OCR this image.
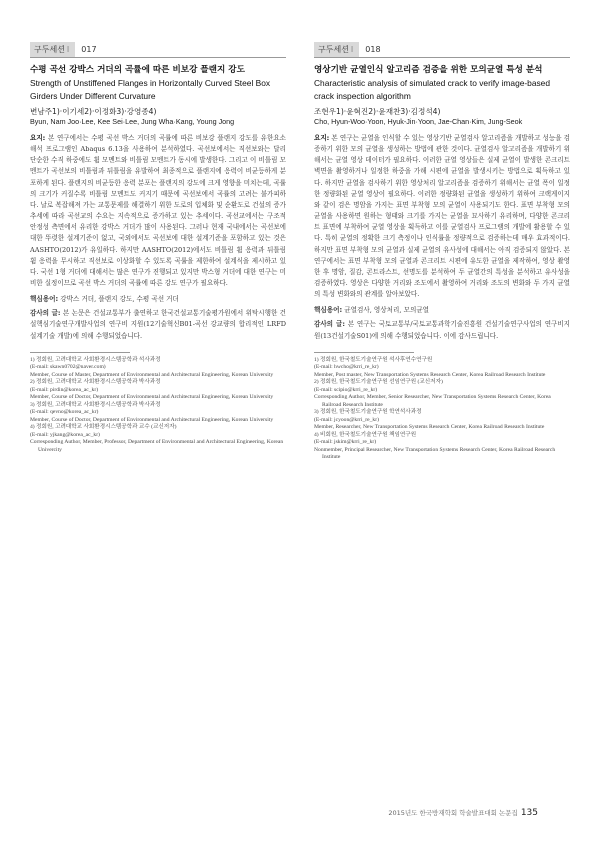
구두세션 I	017
수평 곡선 강박스 거더의 곡률에 따른 비보강 플랜지 강도
Strength of Unstiffened Flanges in Horizontally Curved Steel Box Girders Under Different Curvature
변남주1)·이기세2)·이정화3)·강영종4)
Byun, Nam Joo·Lee, Kee Sei·Lee, Jung Wha·Kang, Young Jong
요지: 본 연구에서는 수평 곡선 박스 거더의 곡률에 따른 비보강 플랜지 강도를 유한요소 해석 프로그램인 Abaqus 6.13을 사용하여 분석하였다. 곡선보에서는 직선보와는 달리 단순한 수직 하중에도 휨 모멘트와 비틀림 모멘트가 동시에 발생한다. 그리고 이 비틀림 모멘트가 곡선보의 비틀림과 뒤틀림을 유발하여 최종적으로 플랜지에 응력이 비균등하게 분포하게 된다. 플랜지의 비균등한 응력 분포는 플랜지의 강도에 크게 영향을 미치는데, 곡률의 크기가 커질수록 비틀림 모멘트도 커지기 때문에 곡선보에서 곡률의 고려는 불가피하다. 날로 복잡해져 가는 교통문제를 해결하기 위한 도로의 입체화 및 순환도로 건설의 증가 추세에 따라 곡선교의 수요는 지속적으로 증가하고 있는 추세이다. 곡선교에서는 구조적 안정성 측면에서 유리한 강박스 거더가 많이 사용된다. 그러나 현재 국내에서는 곡선보에 대한 뚜렷한 설계기준이 없고, 국외에서도 곡선보에 대한 설계기준을 포함하고 있는 것은 AASHTO(2012)가 유일하다. 하지만 AASHTO(2012)에서도 비틀림 휨 응력과 뒤틀림 휨 응력을 무시하고 직선보로 이상화할 수 있도록 곡률을 제한하여 설계식을 제시하고 있다. 국선 1형 거더에 대해서는 많은 연구가 진행되고 있지만 박스형 거더에 대한 연구는 미비한 실정이므로 곡선 박스 거더의 곡률에 따른 강도 연구가 필요하다.
핵심용어: 강박스 거더, 플랜지 강도, 수평 곡선 거더
감사의 글: 본 논문은 건설교통부가 출연하고 한국건설교통기술평가원에서 위탁시행한 건설핵심기술연구개발사업의 연구비 지원(12기술혁신B01-곡선 강교량의 합리적인 LRFD 설계기술 개발)에 의해 수행되었습니다.
1) 정회원, 고려대학교 사회환경시스템공학과 석사과정
(E-mail: skawn0702@naver.com)
Member, Course of Master, Department of Environmental and Architectural Engineering, Korean University
2) 정회원, 고려대학교 사회환경시스템공학과 박사과정
(E-mail: pirdin@korea_ac_kr)
Member, Course of Doctor, Department of Environmental and Architectural Engineering, Korean University
3) 정회원, 고려대학교 사회환경시스템공학과 박사과정
(E-mail: qevno@korea_ac_kr)
Member, Course of Doctor, Department of Environmental and Architectural Engineering, Korean University
4) 정회원, 고려대학교 사회환경시스템공학과 교수 (교신저자)
(E-mail: yjkang@korea_ac_kr)
Corresponding Author, Member, Professor, Department of Environmental and Architectural Engineering, Korean Univercity
구두세션 I	018
영상기반 균열인식 알고리즘 검증을 위한 모의균열 특성 분석
Characteristic analysis of simulated crack to verify image-based crack inspection algorithm
조현우1)·윤혁진2)·윤재찬3)·김정석4)
Cho, Hyun-Woo·Yoon, Hyuk-Jin·Yoon, Jae-Chan·Kim, Jung-Seok
요지: 본 연구는 균열을 인식할 수 있는 영상기반 균열검사 알고리즘을 개발하고 성능을 검증하기 위한 모의 균열을 생성하는 방법에 관한 것이다. 균열검사 알고리즘을 개발하기 위해서는 균열 영상 데이터가 필요하다. 이러한 균열 영상들은 실제 균열이 발생한 콘크리트 벽면을 촬영하거나 일정한 하중을 가해 시편에 균열을 발생시키는 방법으로 획득하고 있다. 하지만 균열을 검사하기 위한 영상처리 알고리즘을 검증하기 위해서는 균열 폭이 일정한 정량화된 균열 영상이 필요하다. 이러한 정량화된 균열을 생성하기 위하여 크랙게이지와 같이 검은 명암을 가지는 표면 부착형 모의 균열이 사용되기도 한다. 표면 부착형 모의 균열을 사용하면 원하는 형태와 크기를 가지는 균열을 묘사하기 유리하며, 다양한 콘크리트 표면에 부착하여 균열 영상을 획득하고 이를 균열검사 프로그램의 개발에 활용할 수 있다. 특히 균열의 정확한 크기 측정이나 인식률을 정량적으로 검증하는데 매우 효과적이다. 하지만 표면 부착형 모의 균열과 실제 균열의 유사성에 대해서는 아직 검증되지 않았다. 본 연구에서는 표면 부착형 모의 균열과 콘크리트 시편에 유도한 균열을 제작하여, 영상 촬영한 후 명암, 질감, 콘트라스트, 선명도를 분석하여 두 균열간의 특성을 분석하고 유사성을 검증하였다. 영상은 다양한 거리와 조도에서 촬영하여 거리와 조도의 변화와 두 가지 균열의 특성 변화와의 관계를 알아보았다.
핵심용어: 균열검사, 영상처리, 모의균열
감사의 글: 본 연구는 국토교통부/국토교통과학기술진흥원 건설기술연구사업의 연구비지원(13건설기술S01)에 의해 수행되었습니다. 이에 감사드립니다.
1) 정회원, 한국철도기술연구원 석사후연수연구원
(E-mail: hwcho@krri_re_kr)
Member, Post master, New Transportation Systems Research Center, Korea Railroad Research Institute
2) 정회원, 한국철도기술연구원 선임연구원 (교신저자)
(E-mail: scipio@krri_re_kr)
Corresponding Author, Member, Senior Researcher, New Transportation Systems Research Center, Korea Railroad Research Institute
3) 정회원, 한국철도기술연구원 학연석사과정
(E-mail: jcyoon@krri_re_kr)
Member, Researcher, New Transportation Systems Research Center, Korea Railroad Research Institute
4) 비회원, 한국철도기술연구원 책임연구원
(E-mail: jskim@krri_re_kr)
Nonmember, Principal Researcher, New Transportation Systems Research Center, Korea Railroad Research Institute
2015년도 한국방재학회 학술발표대회 논문집 135
